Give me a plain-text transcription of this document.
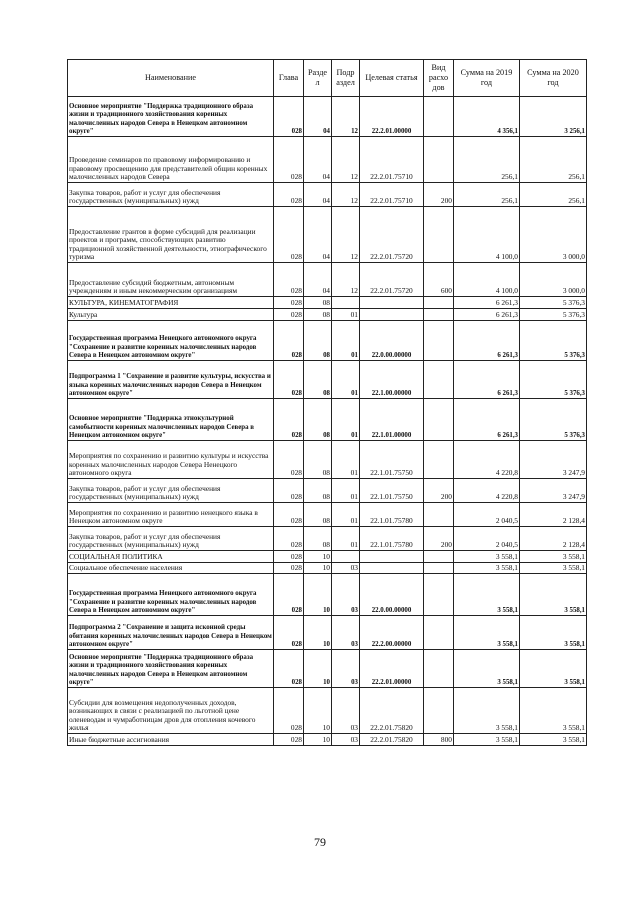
Наименование	Глава	Разде л	Подр аздел	Целевая статья	Вид расхо дов	Сумма на 2019 год	Сумма на 2020 год
Основное мероприятие "Поддержка традиционного образа жизни и традиционного хозяйствования коренных малочисленных народов Севера в Ненецком автономном округе"	028	04	12	22.2.01.00000		4 356,1	3 256,1
Проведение семинаров по правовому информированию и правовому просвещению для представителей общин коренных малочисленных народов Севера	028	04	12	22.2.01.75710		256,1	256,1
Закупка товаров, работ и услуг для обеспечения государственных (муниципальных) нужд	028	04	12	22.2.01.75710	200	256,1	256,1
Предоставление грантов в форме субсидий для реализации проектов и программ, способствующих развитию традиционной хозяйственной деятельности, этнографического туризма	028	04	12	22.2.01.75720		4 100,0	3 000,0
Предоставление субсидий бюджетным, автономным учреждениям и иным некоммерческим организациям	028	04	12	22.2.01.75720	600	4 100,0	3 000,0
КУЛЬТУРА, КИНЕМАТОГРАФИЯ	028	08				6 261,3	5 376,3
Культура	028	08	01			6 261,3	5 376,3
Государственная программа Ненецкого автономного округа "Сохранение и развитие коренных малочисленных народов Севера в Ненецком автономном округе"	028	08	01	22.0.00.00000		6 261,3	5 376,3
Подпрограмма 1 "Сохранение и развитие культуры, искусства и языка коренных малочисленных народов Севера в Ненецком автономном округе"	028	08	01	22.1.00.00000		6 261,3	5 376,3
Основное мероприятие "Поддержка этнокультурной самобытности коренных малочисленных народов Севера в Ненецком автономном округе"	028	08	01	22.1.01.00000		6 261,3	5 376,3
Мероприятия по сохранению и развитию культуры и искусства коренных малочисленных народов Севера Ненецкого автономного округа	028	08	01	22.1.01.75750		4 220,8	3 247,9
Закупка товаров, работ и услуг для обеспечения государственных (муниципальных) нужд	028	08	01	22.1.01.75750	200	4 220,8	3 247,9
Мероприятия по сохранению и развитию ненецкого языка в Ненецком автономном округе	028	08	01	22.1.01.75780		2 040,5	2 128,4
Закупка товаров, работ и услуг для обеспечения государственных (муниципальных) нужд	028	08	01	22.1.01.75780	200	2 040,5	2 128,4
СОЦИАЛЬНАЯ ПОЛИТИКА	028	10				3 558,1	3 558,1
Социальное обеспечение населения	028	10	03			3 558,1	3 558,1
Государственная программа Ненецкого автономного округа "Сохранение и развитие коренных малочисленных народов Севера в Ненецком автономном округе"	028	10	03	22.0.00.00000		3 558,1	3 558,1
Подпрограмма 2 "Сохранение и защита исконной среды обитания коренных малочисленных народов Севера в Ненецком автономном округе"	028	10	03	22.2.00.00000		3 558,1	3 558,1
Основное мероприятие "Поддержка традиционного образа жизни и традиционного хозяйствования коренных малочисленных народов Севера в Ненецком автономном округе"	028	10	03	22.2.01.00000		3 558,1	3 558,1
Субсидии для возмещения недополученных доходов, возникающих в связи с реализацией по льготной цене оленеводам и чумработницам дров для отопления кочевого жилья	028	10	03	22.2.01.75820		3 558,1	3 558,1
Иные бюджетные ассигнования	028	10	03	22.2.01.75820	800	3 558,1	3 558,1
79
